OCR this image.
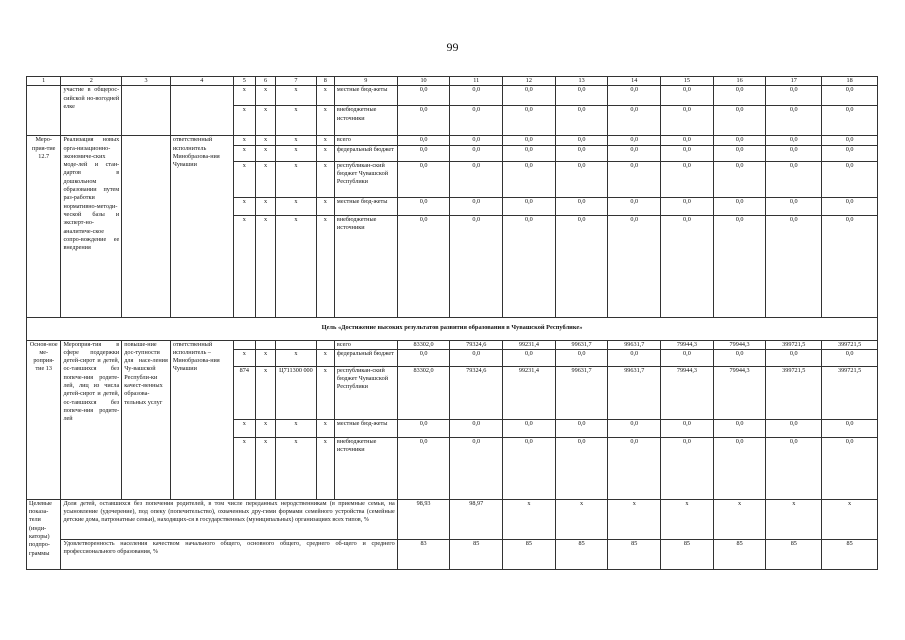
99
1	2	3	4	5	6	7	8	9	10	11	12	13	14	15	16	17	18
	участие в общерос-сийской но-вогодней елке			x	x	x	x	местные бюд-жеты	0,0	0,0	0,0	0,0	0,0	0,0	0,0	0,0	0,0
				x	x	x	x	внебюджетные источники	0,0	0,0	0,0	0,0	0,0	0,0	0,0	0,0	0,0
Меро-прия-тие 12.7	Реализация новых орга-низационно-экономиче-ских моде-лей и стан-дартов в дошкольном образовании путем раз-работки нормативно-методи-ческой базы и эксперт-но-аналитиче-ское сопро-вождение ее внедрения		ответственный исполнитель Минобразова-ния Чувашии	x	x	x	x	всего	0,0	0,0	0,0	0,0	0,0	0,0	0,0	0,0	0,0
				x	x	x	x	федеральный бюджет	0,0	0,0	0,0	0,0	0,0	0,0	0,0	0,0	0,0
				x	x	x	x	республикан-ский бюджет Чувашской Республики	0,0	0,0	0,0	0,0	0,0	0,0	0,0	0,0	0,0
				x	x	x	x	местные бюд-жеты	0,0	0,0	0,0	0,0	0,0	0,0	0,0	0,0	0,0
				x	x	x	x	внебюджетные источники	0,0	0,0	0,0	0,0	0,0	0,0	0,0	0,0	0,0
Цель «Достижение высоких результатов развития образования в Чувашской Республике»																	
Основ-ное ме-роприя-тие 13	Мероприя-тия в сфере поддержки детей-сирот и детей, ос-тавшихся без попече-ния родите-лей, лиц из числа детей-сирот и детей, ос-тавшихся без попече-ния родите-лей	повыше-ние дос-тупности для насе-ления Чу-вашской Республи-ки качест-венных образова-тельных услуг	ответственный исполнитель – Минобразова-ния Чувашии					всего	83302,0	79324,6	99231,4	99631,7	99631,7	79944,3	79944,3	399721,5	399721,5
				x	x	x	x	федеральный бюджет	0,0	0,0	0,0	0,0	0,0	0,0	0,0	0,0	0,0
				874	x	Ц711300 000	x	республикан-ский бюджет Чувашской Республики	83302,0	79324,6	99231,4	99631,7	99631,7	79944,3	79944,3	399721,5	399721,5
				x	x	x	x	местные бюд-жеты	0,0	0,0	0,0	0,0	0,0	0,0	0,0	0,0	0,0
				x	x	x	x	внебюджетные источники	0,0	0,0	0,0	0,0	0,0	0,0	0,0	0,0	0,0
Целевые показа-тели (инди-каторы) подпро-граммы	Доля детей, оставшихся без попечения родителей, в том числе переданных неродственникам (в приемные семьи, на усыновление (удочерение), под опеку (попечительство), охваченных дру-гими формами семейного устройства (семейные детские дома, патронатные семьи), находящих-ся в государственных (муниципальных) организациях всех типов, %								98,93	98,97	x	x	x	x	x	x	x
	Удовлетворенность населения качеством начального общего, основного общего, среднего об-щего и среднего профессионального образования, %								83	85	85	85	85	85	85	85	85
